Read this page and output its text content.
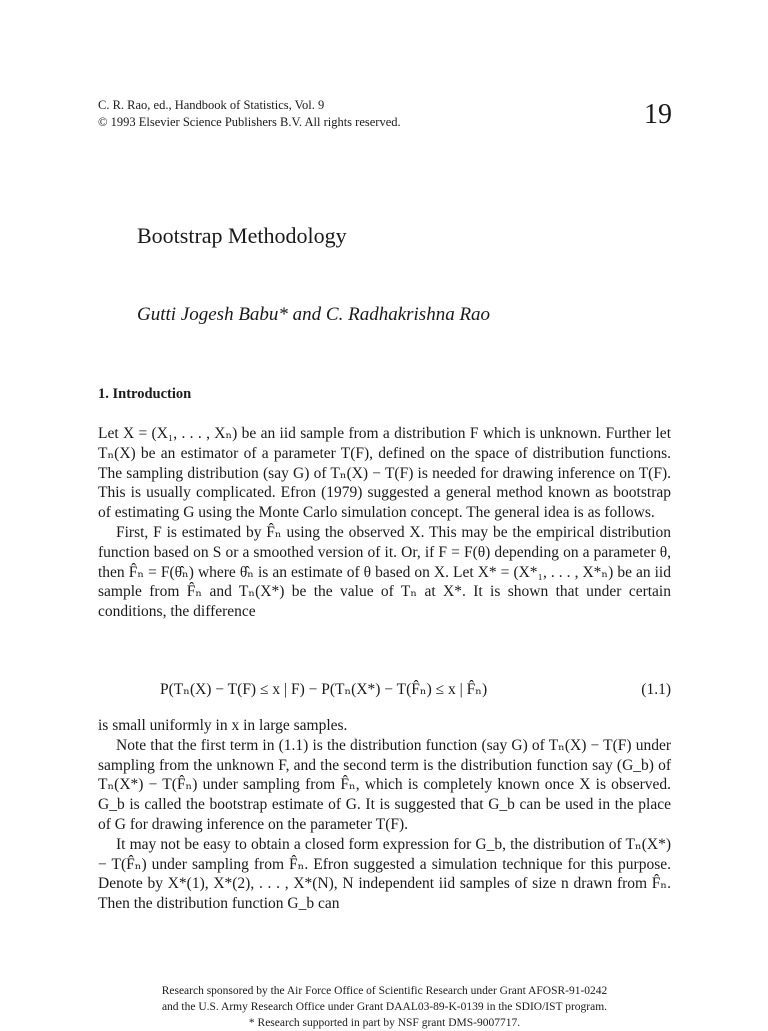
C. R. Rao, ed., Handbook of Statistics, Vol. 9
© 1993 Elsevier Science Publishers B.V. All rights reserved.	19
Bootstrap Methodology
Gutti Jogesh Babu* and C. Radhakrishna Rao
1. Introduction

Let X = (X₁, . . . , Xₙ) be an iid sample from a distribution F which is unknown. Further let Tₙ(X) be an estimator of a parameter T(F), defined on the space of distribution functions. The sampling distribution (say G) of Tₙ(X) − T(F) is needed for drawing inference on T(F). This is usually complicated. Efron (1979) suggested a general method known as bootstrap of estimating G using the Monte Carlo simulation concept. The general idea is as follows.

First, F is estimated by F̂ₙ using the observed X. This may be the empirical distribution function based on S or a smoothed version of it. Or, if F = F(θ) depending on a parameter θ, then F̂ₙ = F(θ̂ₙ) where θ̂ₙ is an estimate of θ based on X. Let X* = (X*₁, . . . , X*ₙ) be an iid sample from F̂ₙ and Tₙ(X*) be the value of Tₙ at X*. It is shown that under certain conditions, the difference

P(Tₙ(X) − T(F) ≤ x | F) − P(Tₙ(X*) − T(F̂ₙ) ≤ x | F̂ₙ)	(1.1)

is small uniformly in x in large samples.

Note that the first term in (1.1) is the distribution function (say G) of Tₙ(X) − T(F) under sampling from the unknown F, and the second term is the distribution function say (G_b) of Tₙ(X*) − T(F̂ₙ) under sampling from F̂ₙ, which is completely known once X is observed. G_b is called the bootstrap estimate of G. It is suggested that G_b can be used in the place of G for drawing inference on the parameter T(F).

It may not be easy to obtain a closed form expression for G_b, the distribution of Tₙ(X*) − T(F̂ₙ) under sampling from F̂ₙ. Efron suggested a simulation technique for this purpose. Denote by X*(1), X*(2), . . . , X*(N), N independent iid samples of size n drawn from F̂ₙ. Then the distribution function G_b can

Research sponsored by the Air Force Office of Scientific Research under Grant AFOSR-91-0242
and the U.S. Army Research Office under Grant DAAL03-89-K-0139 in the SDIO/IST program.
* Research supported in part by NSF grant DMS-9007717.
